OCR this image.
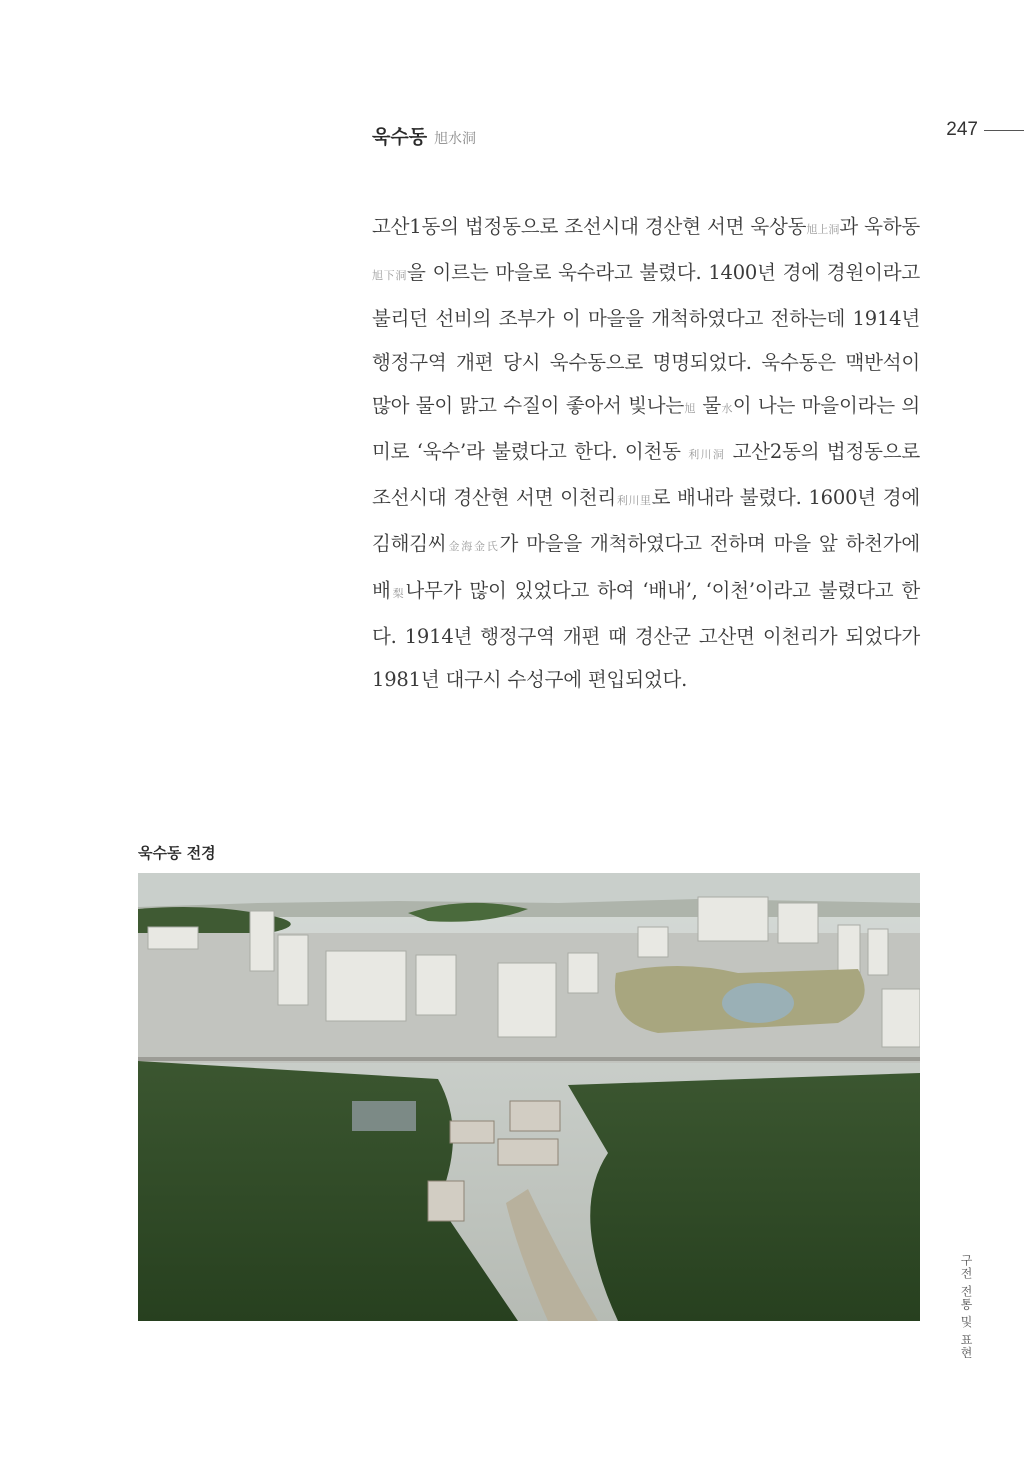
욱수동 旭水洞	247

고산1동의 법정동으로 조선시대 경산현 서면 욱상동旭上洞과 욱하동旭下洞을 이르는 마을로 욱수라고 불렸다. 1400년 경에 경원이라고 불리던 선비의 조부가 이 마을을 개척하였다고 전하는데 1914년 행정구역 개편 당시 욱수동으로 명명되었다. 욱수동은 맥반석이 많아 물이 맑고 수질이 좋아서 빛나는旭 물水이 나는 마을이라는 의미로 ‘욱수’라 불렸다고 한다. 이천동 利川洞 고산2동의 법정동으로 조선시대 경산현 서면 이천리利川里로 배내라 불렸다. 1600년 경에 김해김씨金海金氏가 마을을 개척하였다고 전하며 마을 앞 하천가에 배梨나무가 많이 있었다고 하여 ‘배내’, ‘이천’이라고 불렸다고 한다. 1914년 행정구역 개편 때 경산군 고산면 이천리가 되었다가 1981년 대구시 수성구에 편입되었다.

욱수동 전경
구전 전통 및 표현
